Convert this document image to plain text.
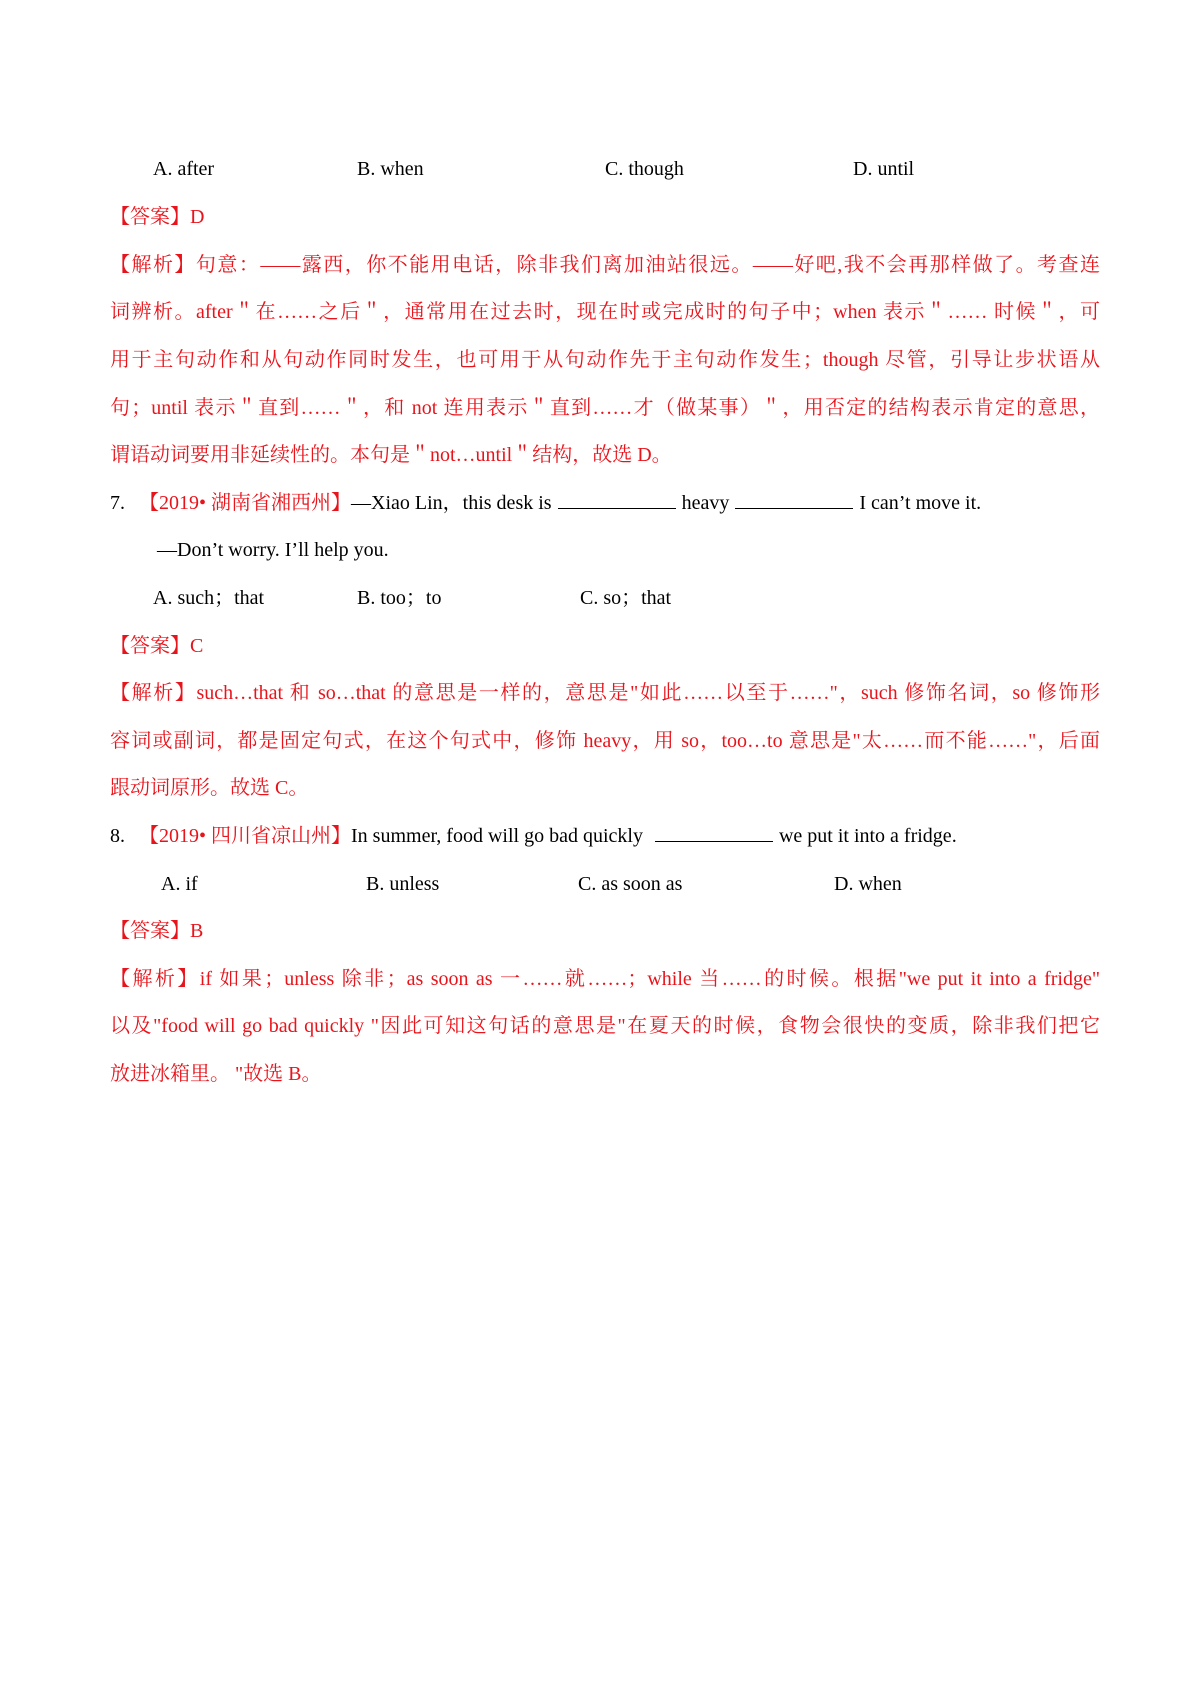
A. after	B. when	C. though	D. until
【答案】D
【解析】句意：——露西，你不能用电话，除非我们离加油站很远。——好吧,我不会再那样做了。考查连
词辨析。after＂在……之后＂，通常用在过去时，现在时或完成时的句子中；when 表示＂…… 时候＂，可
用于主句动作和从句动作同时发生，也可用于从句动作先于主句动作发生；though 尽管，引导让步状语从
句；until 表示＂直到……＂，和 not 连用表示＂直到……才（做某事）＂，用否定的结构表示肯定的意思，
谓语动词要用非延续性的。本句是＂not…until＂结构，故选 D。
7. 【2019• 湖南省湘西州】—Xiao Lin，this desk is	heavy	I can’t move it.
—Don’t worry. I’ll help you.
A. such；that	B. too；to	C. so；that
【答案】C
【解析】such…that 和 so…that 的意思是一样的，意思是"如此……以至于……"，such 修饰名词，so 修饰形
容词或副词，都是固定句式，在这个句式中，修饰 heavy，用 so，too…to 意思是"太……而不能……"，后面
跟动词原形。故选 C。
8. 【2019• 四川省凉山州】In summer, food will go bad quickly	we put it into a fridge.
A. if	B. unless	C. as soon as	D. when
【答案】B
【解析】if 如果；unless 除非；as soon as 一……就……；while 当……的时候。根据"we put it into a fridge"
以及"food will go bad quickly "因此可知这句话的意思是"在夏天的时候，食物会很快的变质，除非我们把它
放进冰箱里。 "故选 B。
